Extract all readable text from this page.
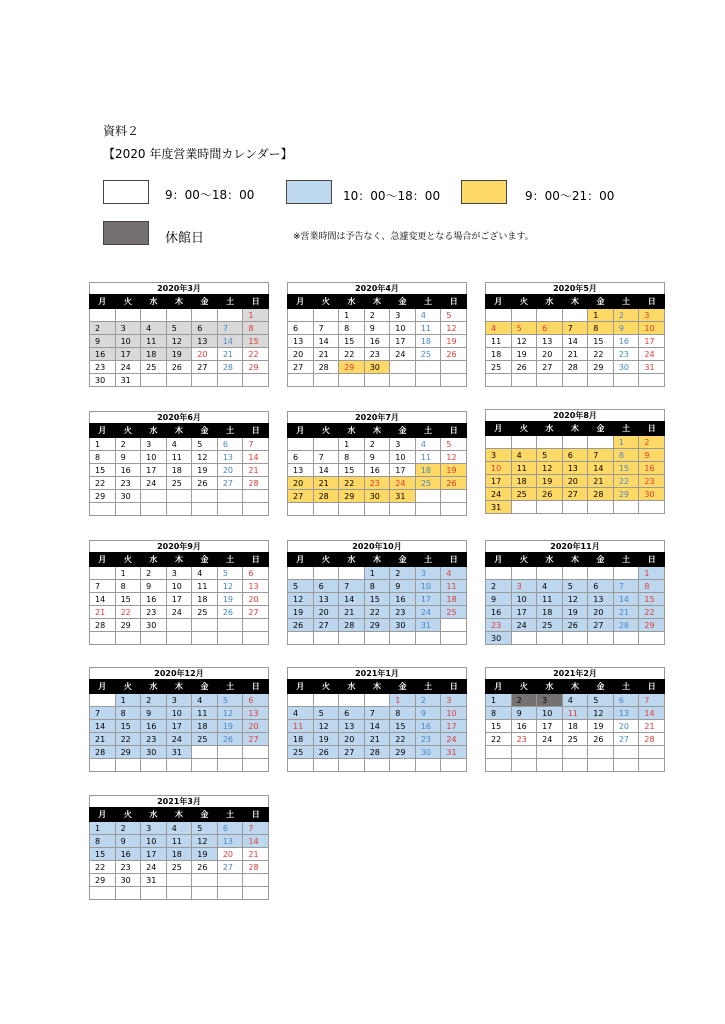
資料２
【2020 年度営業時間カレンダー】
9：00～18：00	10：00～18：00	9：00～21：00
休館日	※営業時間は予告なく、急遽変更となる場合がございます。
2020年3月
月	火	水	木	金	土	日
						1
2	3	4	5	6	7	8
9	10	11	12	13	14	15
16	17	18	19	20	21	22
23	24	25	26	27	28	29
30	31					
2020年4月
月	火	水	木	金	土	日
		1	2	3	4	5
6	7	8	9	10	11	12
13	14	15	16	17	18	19
20	21	22	23	24	25	26
27	28	29	30			

2020年5月
月	火	水	木	金	土	日
				1	2	3
4	5	6	7	8	9	10
11	12	13	14	15	16	17
18	19	20	21	22	23	24
25	26	27	28	29	30	31

2020年6月
月	火	水	木	金	土	日
1	2	3	4	5	6	7
8	9	10	11	12	13	14
15	16	17	18	19	20	21
22	23	24	25	26	27	28
29	30					

2020年7月
月	火	水	木	金	土	日
		1	2	3	4	5
6	7	8	9	10	11	12
13	14	15	16	17	18	19
20	21	22	23	24	25	26
27	28	29	30	31		

2020年8月
月	火	水	木	金	土	日
					1	2
3	4	5	6	7	8	9
10	11	12	13	14	15	16
17	18	19	20	21	22	23
24	25	26	27	28	29	30
31						
2020年9月
月	火	水	木	金	土	日
	1	2	3	4	5	6
7	8	9	10	11	12	13
14	15	16	17	18	19	20
21	22	23	24	25	26	27
28	29	30				

2020年10月
月	火	水	木	金	土	日
			1	2	3	4
5	6	7	8	9	10	11
12	13	14	15	16	17	18
19	20	21	22	23	24	25
26	27	28	29	30	31	

2020年11月
月	火	水	木	金	土	日
						1
2	3	4	5	6	7	8
9	10	11	12	13	14	15
16	17	18	19	20	21	22
23	24	25	26	27	28	29
30						
2020年12月
月	火	水	木	金	土	日
	1	2	3	4	5	6
7	8	9	10	11	12	13
14	15	16	17	18	19	20
21	22	23	24	25	26	27
28	29	30	31			

2021年1月
月	火	水	木	金	土	日
				1	2	3
4	5	6	7	8	9	10
11	12	13	14	15	16	17
18	19	20	21	22	23	24
25	26	27	28	29	30	31

2021年2月
月	火	水	木	金	土	日
1	2	3	4	5	6	7
8	9	10	11	12	13	14
15	16	17	18	19	20	21
22	23	24	25	26	27	28

2021年3月
月	火	水	木	金	土	日
1	2	3	4	5	6	7
8	9	10	11	12	13	14
15	16	17	18	19	20	21
22	23	24	25	26	27	28
29	30	31				
